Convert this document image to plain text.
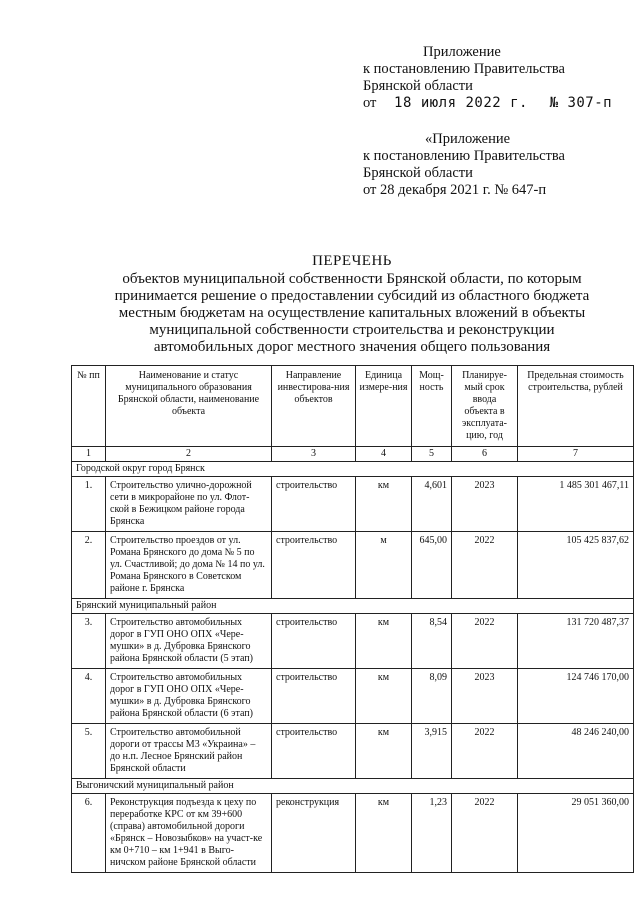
Приложение
к постановлению Правительства
Брянской области
от 18 июля 2022 г. № 307-п
«Приложение
к постановлению Правительства
Брянской области
от 28 декабря 2021 г. № 647-п
ПЕРЕЧЕНЬ
объектов муниципальной собственности Брянской области, по которым
принимается решение о предоставлении субсидий из областного бюджета
местным бюджетам на осуществление капитальных вложений в объекты
муниципальной собственности строительства и реконструкции
автомобильных дорог местного значения общего пользования
№ пп	Наименование и статус муниципального образования Брянской области, наименование объекта	Направление инвестирова-ния объектов	Единица измере-ния	Мощ-ность	Планируе-мый срок ввода объекта в эксплуата-цию, год	Предельная стоимость строительства, рублей
1	2	3	4	5	6	7
Городской округ город Брянск						
1.	Строительство улично-дорожной сети в микрорайоне по ул. Флот-ской в Бежицком районе города Брянска	строительство	км	4,601	2023	1 485 301 467,11
2.	Строительство проездов от ул. Романа Брянского до дома № 5 по ул. Счастливой; до дома № 14 по ул. Романа Брянского в Советском районе г. Брянска	строительство	м	645,00	2022	105 425 837,62
Брянский муниципальный район						
3.	Строительство автомобильных дорог в ГУП ОНО ОПХ «Чере-мушки» в д. Дубровка Брянского района Брянской области (5 этап)	строительство	км	8,54	2022	131 720 487,37
4.	Строительство автомобильных дорог в ГУП ОНО ОПХ «Чере-мушки» в д. Дубровка Брянского района Брянской области (6 этап)	строительство	км	8,09	2023	124 746 170,00
5.	Строительство автомобильной дороги от трассы М3 «Украина» – до н.п. Лесное Брянский район Брянской области	строительство	км	3,915	2022	48 246 240,00
Выгоничский муниципальный район						
6.	Реконструкция подъезда к цеху по переработке КРС от км 39+600 (справа) автомобильной дороги «Брянск – Новозыбков» на участ-ке км 0+710 – км 1+941 в Выго-ничском районе Брянской области	реконструкция	км	1,23	2022	29 051 360,00
